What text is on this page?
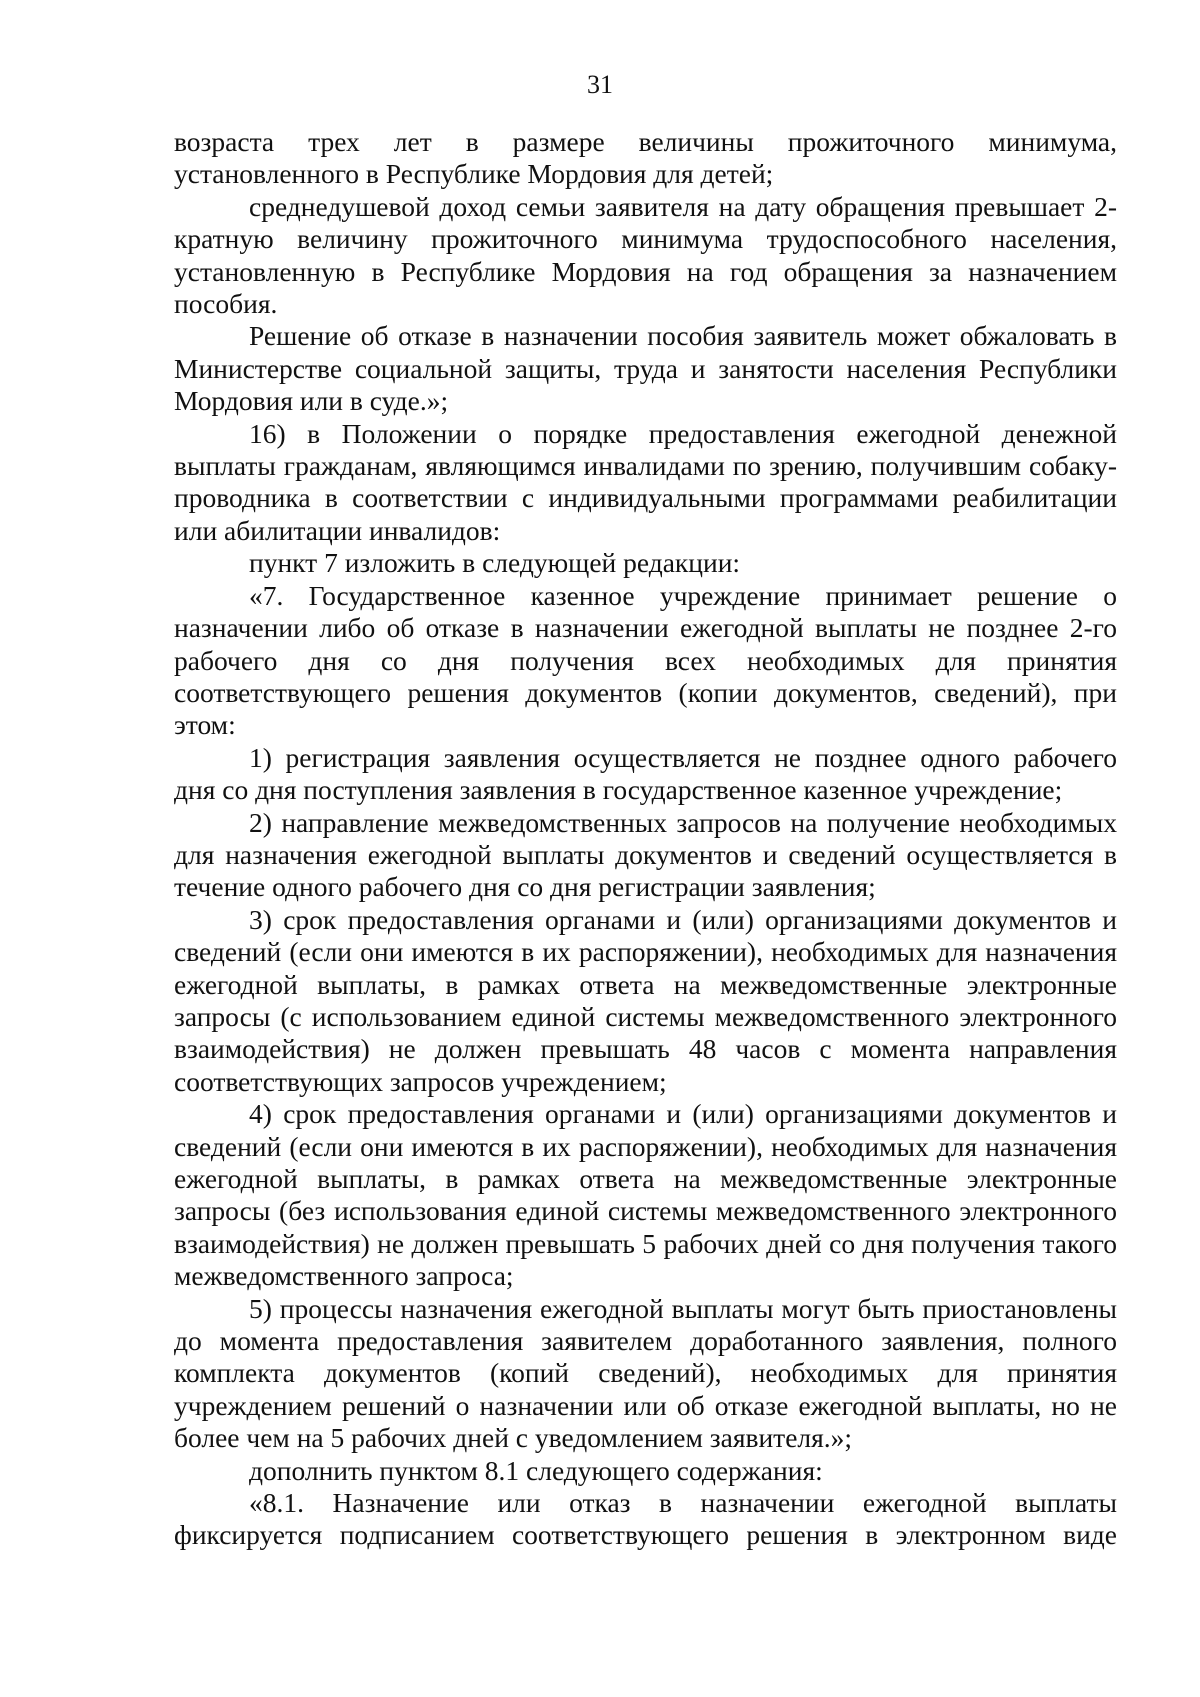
31

возраста трех лет в размере величины прожиточного минимума, установленного в Республике Мордовия для детей;

среднедушевой доход семьи заявителя на дату обращения превышает 2-кратную величину прожиточного минимума трудоспособного населения, установленную в Республике Мордовия на год обращения за назначением пособия.

Решение об отказе в назначении пособия заявитель может обжаловать в Министерстве социальной защиты, труда и занятости населения Республики Мордовия или в суде.»;

16) в Положении о порядке предоставления ежегодной денежной выплаты гражданам, являющимся инвалидами по зрению, получившим собаку-проводника в соответствии с индивидуальными программами реабилитации или абилитации инвалидов:

пункт 7 изложить в следующей редакции:

«7. Государственное казенное учреждение принимает решение о назначении либо об отказе в назначении ежегодной выплаты не позднее 2-го рабочего дня со дня получения всех необходимых для принятия соответствующего решения документов (копии документов, сведений), при этом:

1) регистрация заявления осуществляется не позднее одного рабочего дня со дня поступления заявления в государственное казенное учреждение;

2) направление межведомственных запросов на получение необходимых для назначения ежегодной выплаты документов и сведений осуществляется в течение одного рабочего дня со дня регистрации заявления;

3) срок предоставления органами и (или) организациями документов и сведений (если они имеются в их распоряжении), необходимых для назначения ежегодной выплаты, в рамках ответа на межведомственные электронные запросы (с использованием единой системы межведомственного электронного взаимодействия) не должен превышать 48 часов с момента направления соответствующих запросов учреждением;

4) срок предоставления органами и (или) организациями документов и сведений (если они имеются в их распоряжении), необходимых для назначения ежегодной выплаты, в рамках ответа на межведомственные электронные запросы (без использования единой системы межведомственного электронного взаимодействия) не должен превышать 5 рабочих дней со дня получения такого межведомственного запроса;

5) процессы назначения ежегодной выплаты могут быть приостановлены до момента предоставления заявителем доработанного заявления, полного комплекта документов (копий сведений), необходимых для принятия учреждением решений о назначении или об отказе ежегодной выплаты, но не более чем на 5 рабочих дней с уведомлением заявителя.»;

дополнить пунктом 8.1 следующего содержания:

«8.1. Назначение или отказ в назначении ежегодной выплаты фиксируется подписанием соответствующего решения в электронном виде
